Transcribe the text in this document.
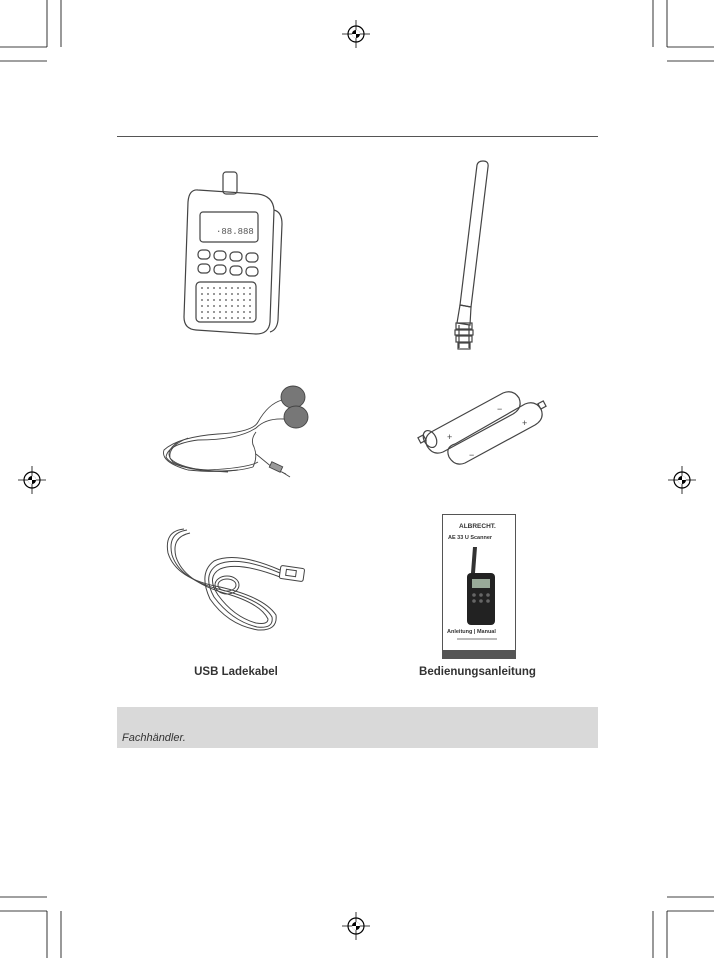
·88.888
+
−
+
−
USB Ladekabel
ALBRECHT.
AE 33 U Scanner
Anleitung | Manual
Bedienungsanleitung
Fachhändler.
